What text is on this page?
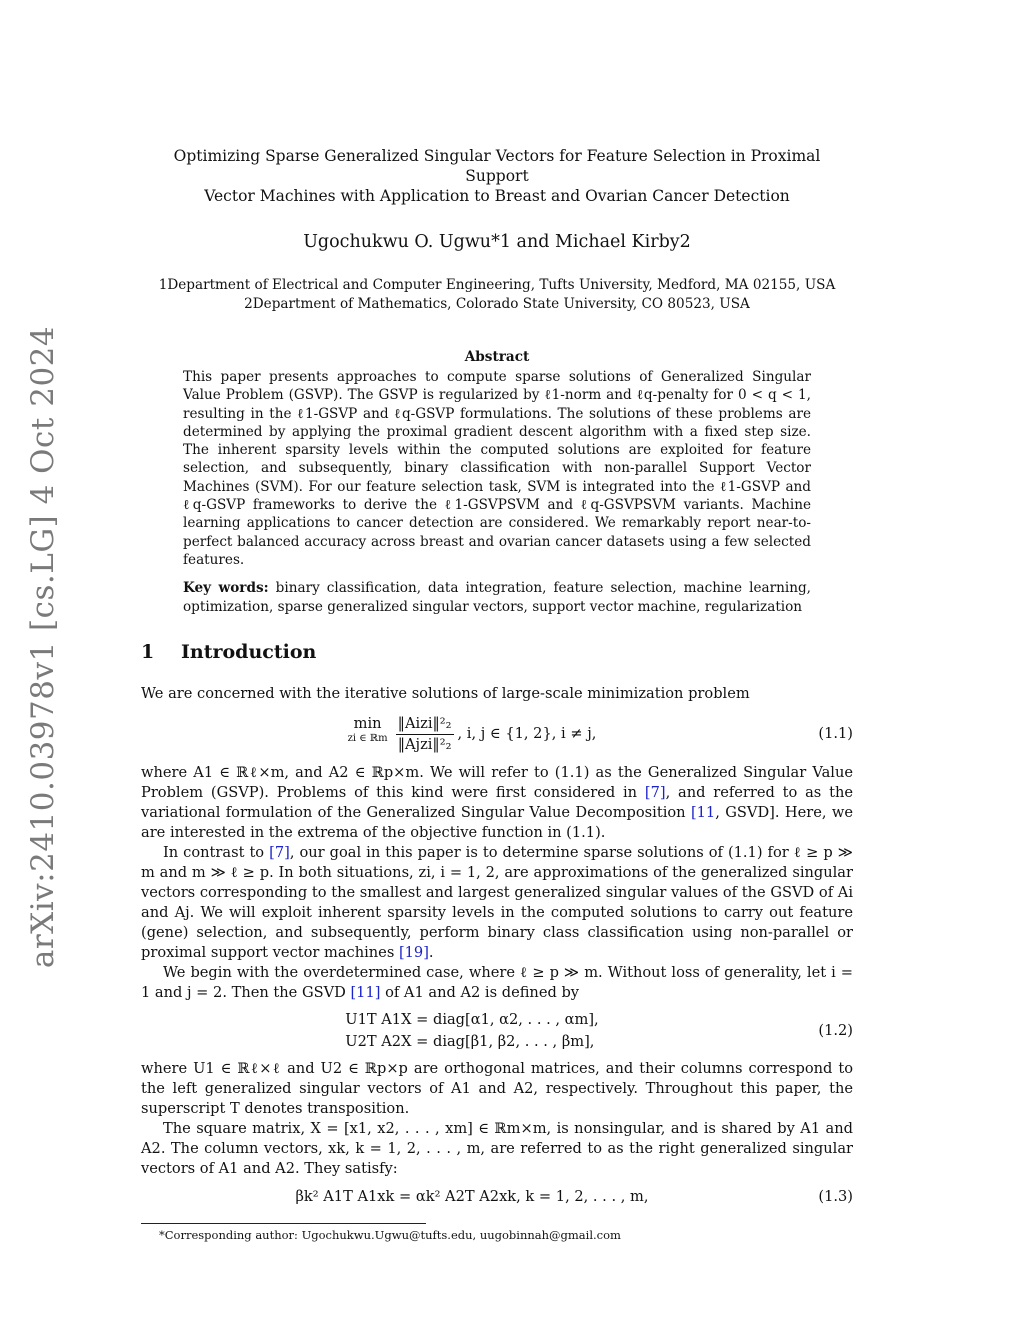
arXiv:2410.03978v1 [cs.LG] 4 Oct 2024
Optimizing Sparse Generalized Singular Vectors for Feature Selection in Proximal Support
Vector Machines with Application to Breast and Ovarian Cancer Detection
Ugochukwu O. Ugwu*1 and Michael Kirby2
1Department of Electrical and Computer Engineering, Tufts University, Medford, MA 02155, USA
2Department of Mathematics, Colorado State University, CO 80523, USA
Abstract
This paper presents approaches to compute sparse solutions of Generalized Singular Value Problem (GSVP). The GSVP is regularized by ℓ1-norm and ℓq-penalty for 0 < q < 1, resulting in the ℓ1-GSVP and ℓq-GSVP formulations. The solutions of these problems are determined by applying the proximal gradient descent algorithm with a fixed step size. The inherent sparsity levels within the computed solutions are exploited for feature selection, and subsequently, binary classification with non-parallel Support Vector Machines (SVM). For our feature selection task, SVM is integrated into the ℓ1-GSVP and ℓq-GSVP frameworks to derive the ℓ1-GSVPSVM and ℓq-GSVPSVM variants. Machine learning applications to cancer detection are considered. We remarkably report near-to-perfect balanced accuracy across breast and ovarian cancer datasets using a few selected features.
Key words: binary classification, data integration, feature selection, machine learning, optimization, sparse generalized singular vectors, support vector machine, regularization
1	Introduction

We are concerned with the iterative solutions of large-scale minimization problem

min
zi ∈ ℝm $\frac{\text{‖Aizi‖²₂}}{\text{‖Ajzi‖²₂}}$ , i, j ∈ {1, 2}, i ≠ j,	(1.1)

where A1 ∈ ℝℓ×m, and A2 ∈ ℝp×m. We will refer to (1.1) as the Generalized Singular Value Problem (GSVP). Problems of this kind were first considered in [7], and referred to as the variational formulation of the Generalized Singular Value Decomposition [11, GSVD]. Here, we are interested in the extrema of the objective function in (1.1).

In contrast to [7], our goal in this paper is to determine sparse solutions of (1.1) for ℓ ≥ p ≫ m and m ≫ ℓ ≥ p. In both situations, zi, i = 1, 2, are approximations of the generalized singular vectors corresponding to the smallest and largest generalized singular values of the GSVD of Ai and Aj. We will exploit inherent sparsity levels in the computed solutions to carry out feature (gene) selection, and subsequently, perform binary class classification using non-parallel or proximal support vector machines [19].

We begin with the overdetermined case, where ℓ ≥ p ≫ m. Without loss of generality, let i = 1 and j = 2. Then the GSVD [11] of A1 and A2 is defined by

U1T A1X = diag[α1, α2, . . . , αm],
U2T A2X = diag[β1, β2, . . . , βm],
(1.2)

where U1 ∈ ℝℓ×ℓ and U2 ∈ ℝp×p are orthogonal matrices, and their columns correspond to the left generalized singular vectors of A1 and A2, respectively. Throughout this paper, the superscript T denotes transposition.

The square matrix, X = [x1, x2, . . . , xm] ∈ ℝm×m, is nonsingular, and is shared by A1 and A2. The column vectors, xk, k = 1, 2, . . . , m, are referred to as the right generalized singular vectors of A1 and A2. They satisfy:

βk² A1T A1xk = αk² A2T A2xk, k = 1, 2, . . . , m,	(1.3)
*Corresponding author: Ugochukwu.Ugwu@tufts.edu, uugobinnah@gmail.com
